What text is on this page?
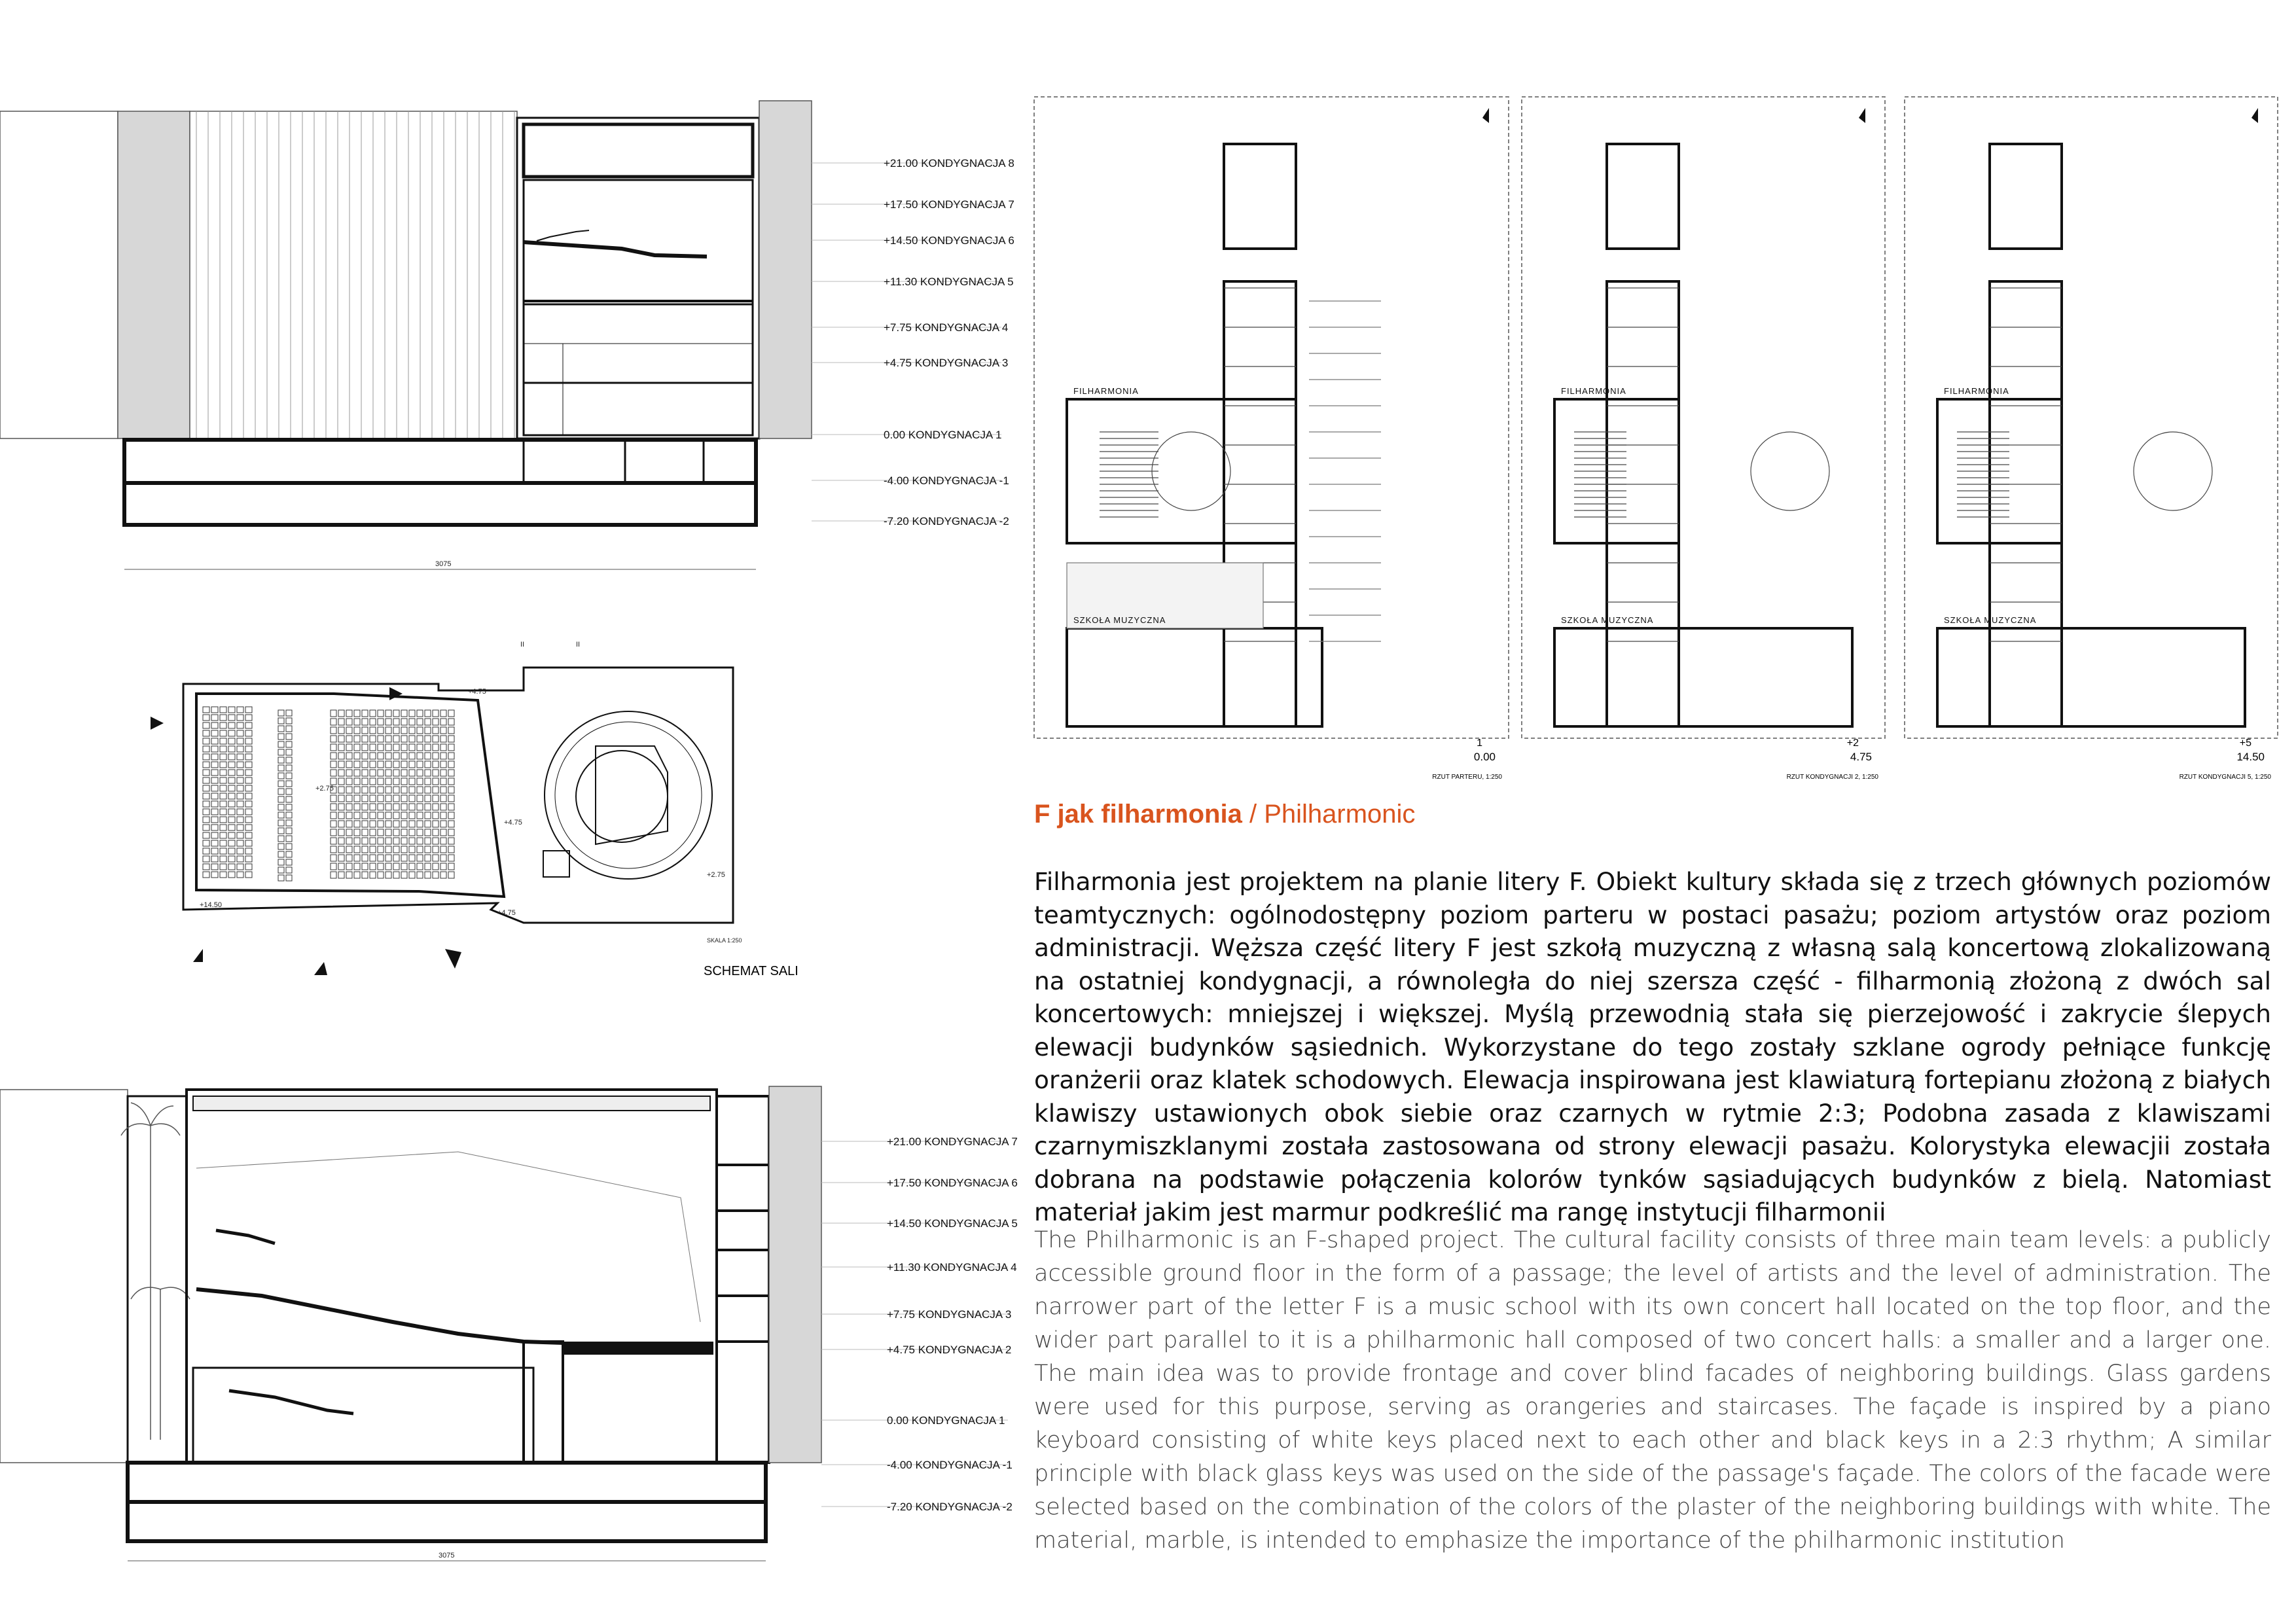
+21.00 KONDYGNACJA 8
+17.50 KONDYGNACJA 7
+14.50 KONDYGNACJA 6
+11.30 KONDYGNACJA 5
+7.75 KONDYGNACJA 4
+4.75 KONDYGNACJA 3
0.00 KONDYGNACJA 1
-4.00 KONDYGNACJA -1
-7.20 KONDYGNACJA -2
3075
II	II
+4.75
+2.75
+4.75
+2.75
+4.75
+14.50
SKALA 1:250
SCHEMAT SALI
+21.00 KONDYGNACJA 7
+17.50 KONDYGNACJA 6
+14.50 KONDYGNACJA 5
+11.30 KONDYGNACJA 4
+7.75 KONDYGNACJA 3
+4.75 KONDYGNACJA 2
0.00 KONDYGNACJA 1
-4.00 KONDYGNACJA -1
-7.20 KONDYGNACJA -2
3075
FILHARMONIA
SZKOŁA MUZYCZNA
1
0.00
RZUT PARTERU, 1:250
FILHARMONIA
SZKOŁA MUZYCZNA
+2
4.75
RZUT KONDYGNACJI 2, 1:250
FILHARMONIA
SZKOŁA MUZYCZNA
+5
14.50
RZUT KONDYGNACJI 5, 1:250
F jak filharmonia / Philharmonic
Filharmonia jest projektem na planie litery F. Obiekt kultury składa się z trzech głównych poziomów teamtycznych: ogólnodostępny poziom parteru w postaci pasażu; poziom artystów oraz poziom administracji. Węższa część litery F jest szkołą muzyczną z własną salą koncertową zlokalizowaną na ostatniej kondygnacji, a równoległa do niej szersza część - filharmonią złożoną z dwóch sal koncertowych: mniejszej i większej. Myślą przewodnią stała się pierzejowość i zakrycie ślepych elewacji budynków sąsiednich. Wykorzystane do tego zostały szklane ogrody pełniące funkcję oranżerii oraz klatek schodowych. Elewacja inspirowana jest klawiaturą fortepianu złożoną z białych klawiszy ustawionych obok siebie oraz czarnych w rytmie 2:3; Podobna zasada z klawiszami czarnymiszklanymi została zastosowana od strony elewacji pasażu. Kolorystyka elewacjii została dobrana na podstawie połączenia kolorów tynków sąsiadujących budynków z bielą. Natomiast materiał jakim jest marmur podkreślić ma rangę instytucji filharmonii
The Philharmonic is an F-shaped project. The cultural facility consists of three main team levels: a publicly accessible ground floor in the form of a passage; the level of artists and the level of administration. The narrower part of the letter F is a music school with its own concert hall located on the top floor, and the wider part parallel to it is a philharmonic hall composed of two concert halls: a smaller and a larger one. The main idea was to provide frontage and cover blind facades of neighboring buildings. Glass gardens were used for this purpose, serving as orangeries and staircases. The façade is inspired by a piano keyboard consisting of white keys placed next to each other and black keys in a 2:3 rhythm; A similar principle with black glass keys was used on the side of the passage's façade. The colors of the facade were selected based on the combination of the colors of the plaster of the neighboring buildings with white. The material, marble, is intended to emphasize the importance of the philharmonic institution
